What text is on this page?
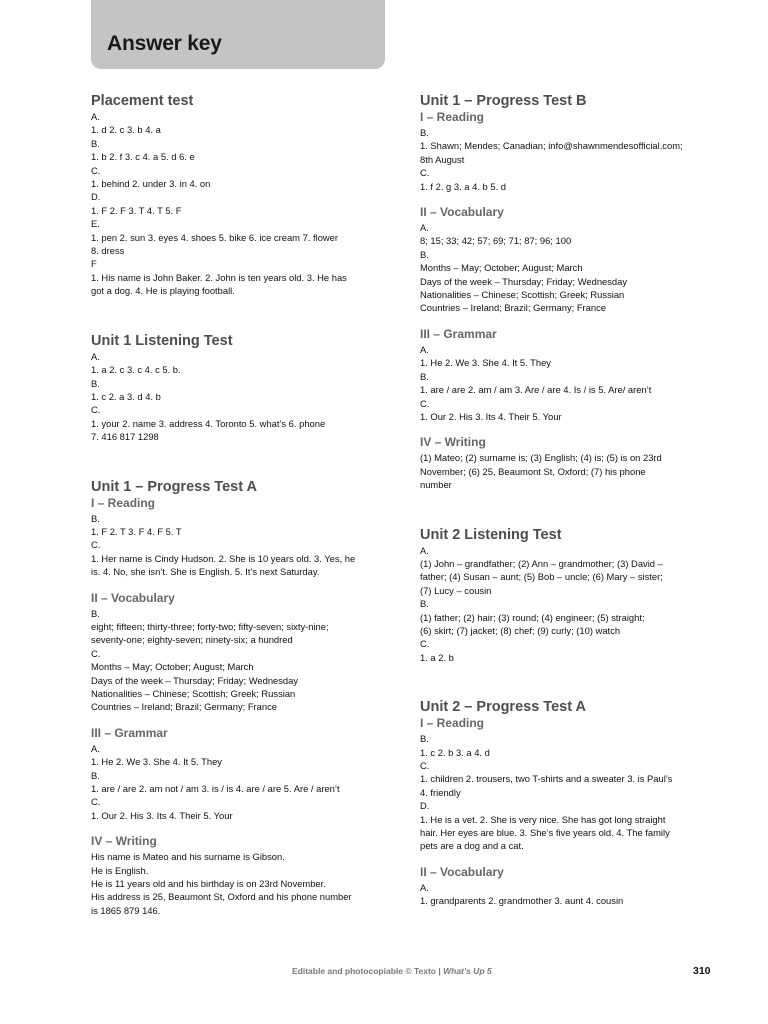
Answer key
Placement test
A.
1. d 2. c 3. b 4. a
B.
1. b 2. f 3. c 4. a 5. d 6. e
C.
1. behind 2. under 3. in 4. on
D.
1. F 2. F 3. T 4. T 5. F
E.
1. pen 2. sun 3. eyes 4. shoes 5. bike 6. ice cream 7. flower
8. dress
F
1. His name is John Baker. 2. John is ten years old. 3. He has
got a dog. 4. He is playing football.
Unit 1 Listening Test
A.
1. a 2. c 3. c 4. c 5. b.
B.
1. c 2. a 3. d 4. b
C.
1. your 2. name 3. address 4. Toronto 5. what’s 6. phone
7. 416 817 1298
Unit 1 – Progress Test A
I – Reading
B.
1. F 2. T 3. F 4. F 5. T
C.
1. Her name is Cindy Hudson. 2. She is 10 years old. 3. Yes, he
is. 4. No, she isn’t. She is English. 5. It’s next Saturday.
II – Vocabulary
B.
eight; fifteen; thirty-three; forty-two; fifty-seven; sixty-nine;
seventy-one; eighty-seven; ninety-six; a hundred
C.
Months – May; October; August; March
Days of the week – Thursday; Friday; Wednesday
Nationalities – Chinese; Scottish; Greek; Russian
Countries – Ireland; Brazil; Germany; France
III – Grammar
A.
1. He 2. We 3. She 4. It 5. They
B.
1. are / are 2. am not / am 3. is / is 4. are / are 5. Are / aren’t
C.
1. Our 2. His 3. Its 4. Their 5. Your
IV – Writing
His name is Mateo and his surname is Gibson.
He is English.
He is 11 years old and his birthday is on 23rd November.
His address is 25, Beaumont St, Oxford and his phone number
is 1865 879 146.
Unit 1 – Progress Test B
I – Reading
B.
1. Shawn; Mendes; Canadian; info@shawnmendesofficial.com;
8th August
C.
1. f 2. g 3. a 4. b 5. d
II – Vocabulary
A.
8; 15; 33; 42; 57; 69; 71; 87; 96; 100
B.
Months – May; October; August; March
Days of the week – Thursday; Friday; Wednesday
Nationalities – Chinese; Scottish; Greek; Russian
Countries – Ireland; Brazil; Germany; France
III – Grammar
A.
1. He 2. We 3. She 4. It 5. They
B.
1. are / are 2. am / am 3. Are / are 4. Is / is 5. Are/ aren’t
C.
1. Our 2. His 3. Its 4. Their 5. Your
IV – Writing
(1) Mateo; (2) surname is; (3) English; (4) is; (5) is on 23rd
November; (6) 25, Beaumont St, Oxford; (7) his phone
number
Unit 2 Listening Test
A.
(1) John – grandfather; (2) Ann – grandmother; (3) David –
father; (4) Susan – aunt; (5) Bob – uncle; (6) Mary – sister;
(7) Lucy – cousin
B.
(1) father; (2) hair; (3) round; (4) engineer; (5) straight;
(6) skirt; (7) jacket; (8) chef; (9) curly; (10) watch
C.
1. a 2. b
Unit 2 – Progress Test A
I – Reading
B.
1. c 2. b 3. a 4. d
C.
1. children 2. trousers, two T-shirts and a sweater 3. is Paul’s
4. friendly
D.
1. He is a vet. 2. She is very nice. She has got long straight
hair. Her eyes are blue. 3. She’s five years old. 4. The family
pets are a dog and a cat.
II – Vocabulary
A.
1. grandparents 2. grandmother 3. aunt 4. cousin
Editable and photocopiable © Texto | What’s Up 5	310
